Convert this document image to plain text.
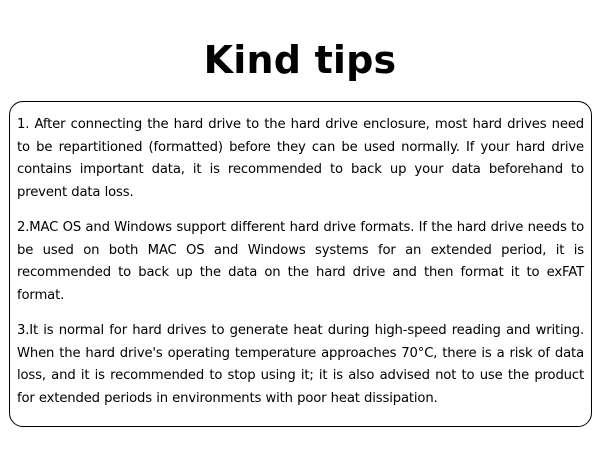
Kind tips

1. After connecting the hard drive to the hard drive enclosure, most hard drives need to be repartitioned (formatted) before they can be used normally. If your hard drive contains important data, it is recommended to back up your data beforehand to prevent data loss.

2.MAC OS and Windows support different hard drive formats. If the hard drive needs to be used on both MAC OS and Windows systems for an extended period, it is recommended to back up the data on the hard drive and then format it to exFAT format.

3.It is normal for hard drives to generate heat during high-speed reading and writing. When the hard drive's operating temperature approaches 70°C, there is a risk of data loss, and it is recommended to stop using it; it is also advised not to use the product for extended periods in environments with poor heat dissipation.
